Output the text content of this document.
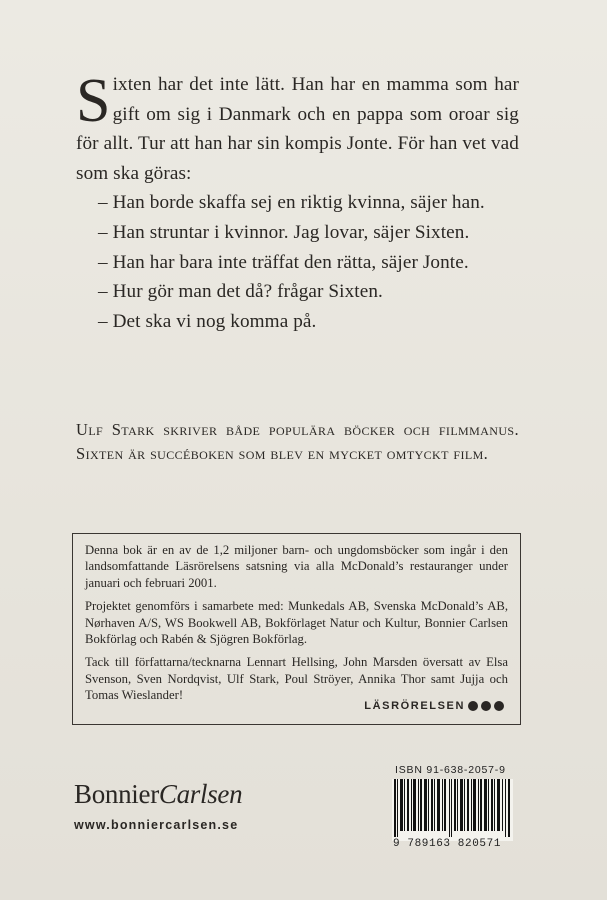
Sixten har det inte lätt. Han har en mamma som har gift om sig i Danmark och en pappa som oroar sig för allt. Tur att han har sin kompis Jonte. För han vet vad som ska göras:

– Han borde skaffa sej en riktig kvinna, säjer han.

– Han struntar i kvinnor. Jag lovar, säjer Sixten.

– Han har bara inte träffat den rätta, säjer Jonte.

– Hur gör man det då? frågar Sixten.

– Det ska vi nog komma på.

Ulf Stark skriver både populära böcker och filmmanus. Sixten är succéboken som blev en mycket omtyckt film.

Denna bok är en av de 1,2 miljoner barn- och ungdomsböcker som ingår i den landsomfattande Läsrörelsens satsning via alla McDonald’s restauranger under januari och februari 2001.

Projektet genomförs i samarbete med: Munkedals AB, Svenska McDonald’s AB, Nørhaven A/S, WS Bookwell AB, Bokförlaget Natur och Kultur, Bonnier Carlsen Bokförlag och Rabén & Sjögren Bokförlag.

Tack till författarna/tecknarna Lennart Hellsing, John Marsden översatt av Elsa Svenson, Sven Nordqvist, Ulf Stark, Poul Ströyer, Annika Thor samt Jujja och Tomas Wieslander!

LÄSRÖRELSEN
BonnierCarlsen
www.bonniercarlsen.se
ISBN 91-638-2057-9
9 789163 820571
